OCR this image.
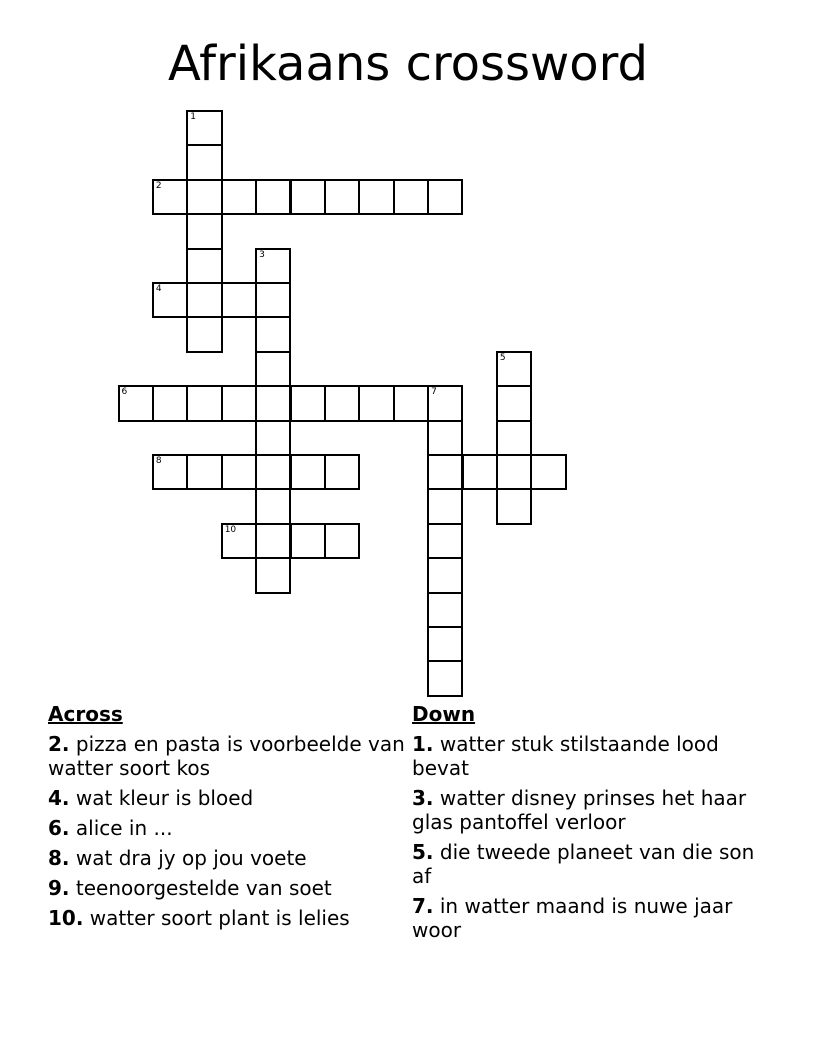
Afrikaans crossword
1
2
3
4
5
6	7
8
10
Across
2. pizza en pasta is voorbeelde van watter soort kos
4. wat kleur is bloed
6. alice in ...
8. wat dra jy op jou voete
9. teenoorgestelde van soet
10. watter soort plant is lelies
Down
1. watter stuk stilstaande lood bevat
3. watter disney prinses het haar glas pantoffel verloor
5. die tweede planeet van die son af
7. in watter maand is nuwe jaar woor
